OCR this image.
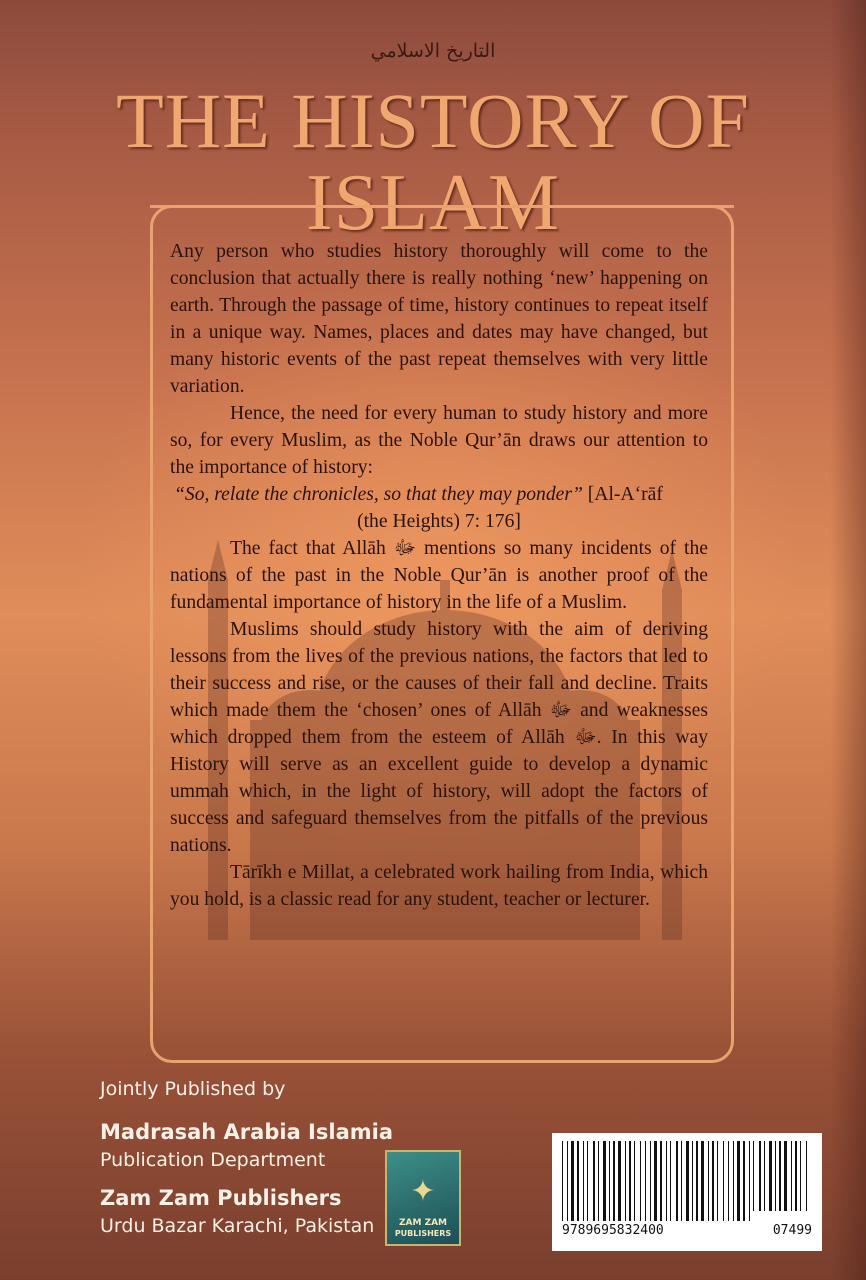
التاريخ الاسلامي
THE HISTORY OF
ISLAM

Any person who studies history thoroughly will come to the conclusion that actually there is really nothing ‘new’ happening on earth. Through the passage of time, history continues to repeat itself in a unique way. Names, places and dates may have changed, but many historic events of the past repeat themselves with very little variation.

Hence, the need for every human to study history and more so, for every Muslim, as the Noble Qur’ān draws our attention to the importance of history:

“So, relate the chronicles, so that they may ponder” [Al-A‘rāf

(the Heights) 7: 176]

The fact that Allāh ﷻ mentions so many incidents of the nations of the past in the Noble Qur’ān is another proof of the fundamental importance of history in the life of a Muslim.

Muslims should study history with the aim of deriving lessons from the lives of the previous nations, the factors that led to their success and rise, or the causes of their fall and decline. Traits which made them the ‘chosen’ ones of Allāh ﷻ and weaknesses which dropped them from the esteem of Allāh ﷻ. In this way History will serve as an excellent guide to develop a dynamic ummah which, in the light of history, will adopt the factors of success and safeguard themselves from the pitfalls of the previous nations.

Tārīkh e Millat, a celebrated work hailing from India, which you hold, is a classic read for any student, teacher or lecturer.

Jointly Published by
Madrasah Arabia Islamia
Publication Department
Zam Zam Publishers
Urdu Bazar Karachi, Pakistan
✦
ZAM ZAM
PUBLISHERS	9789695832400	07499
